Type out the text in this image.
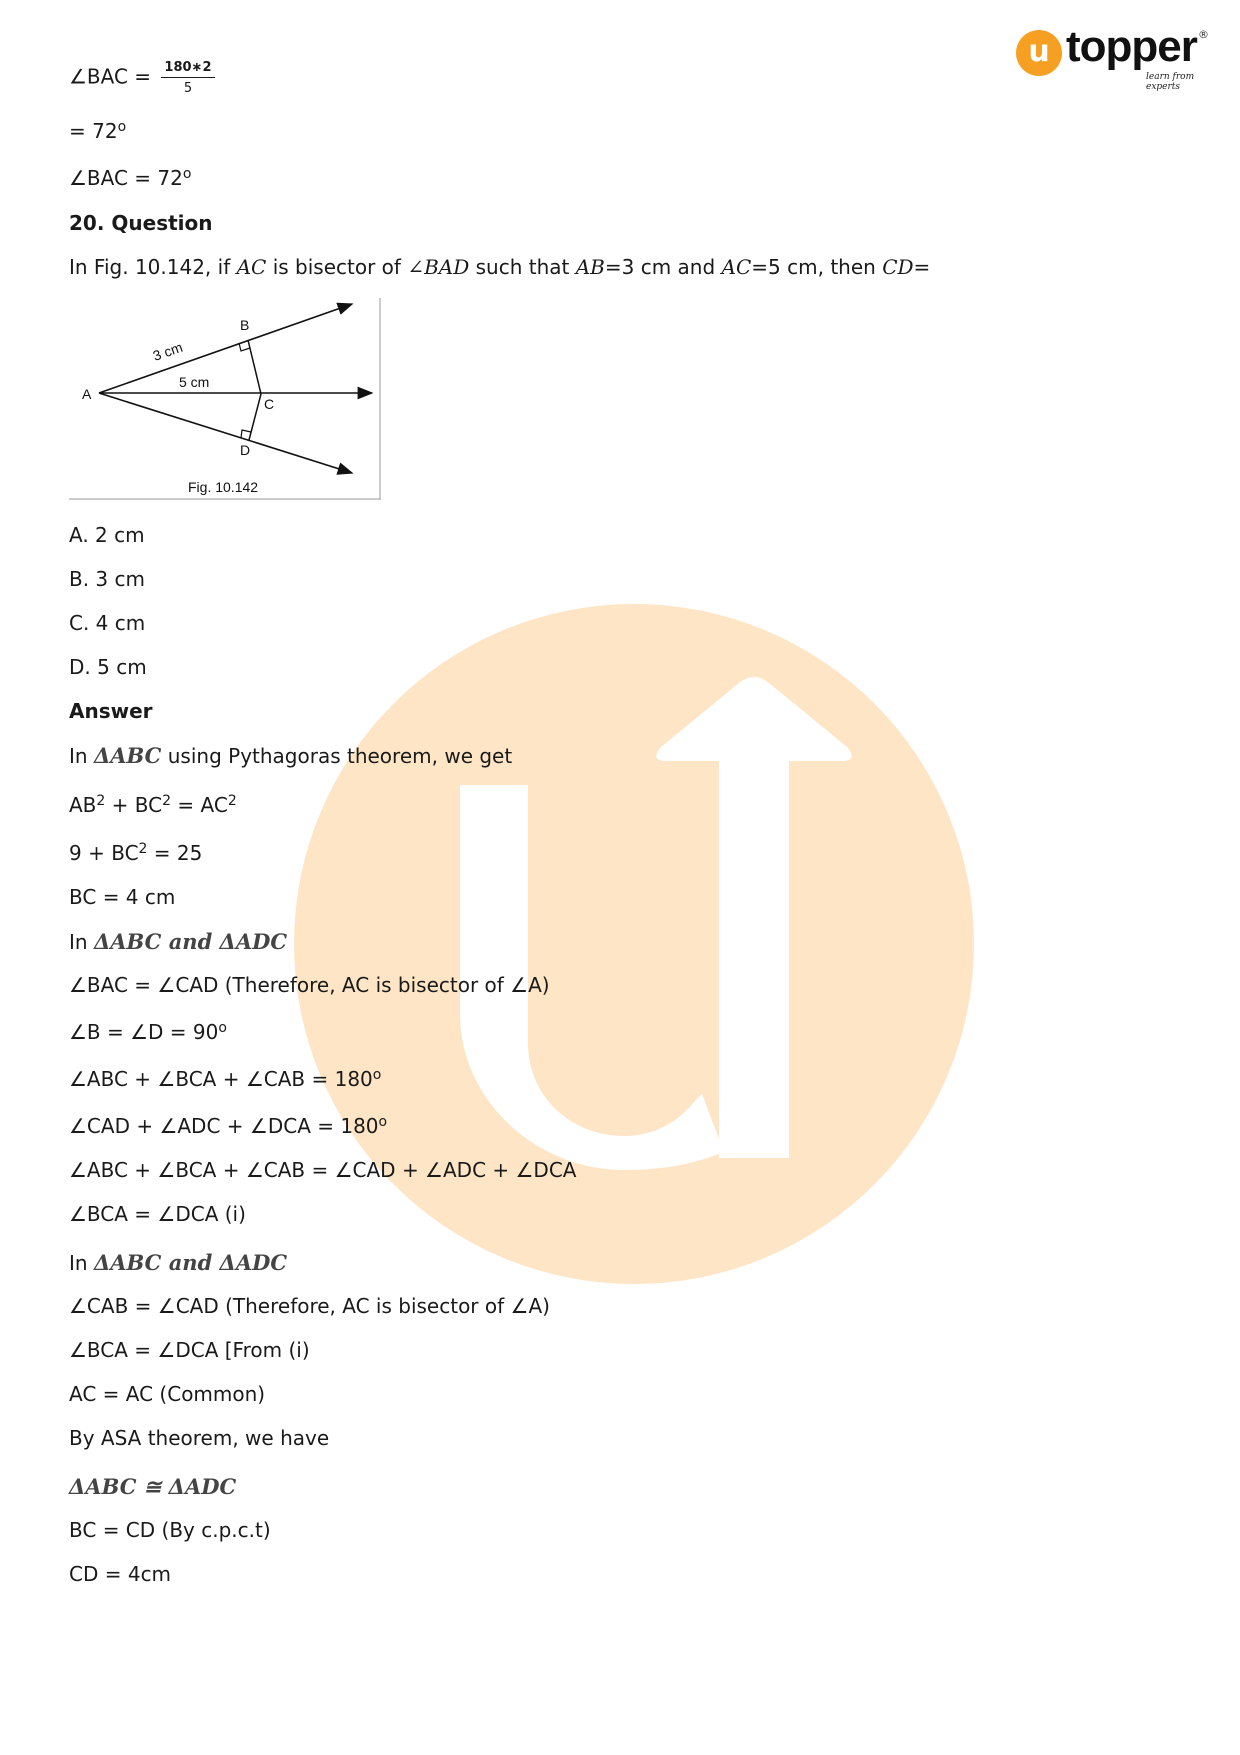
u topper
learn from experts
®
∠BAC = $\frac{180∗2}{5}$
= $72^o$
∠BAC = $72^o$
20. Question
In Fig. 10.142, if AC is bisector of ∠BAD such that AB=3 cm and AC=5 cm, then CD=
A
B
C
D
3 cm
5 cm
Fig. 10.142
A. 2 cm
B. 3 cm
C. 4 cm
D. 5 cm
Answer
In ΔABC using Pythagoras theorem, we get
$AB^2 + BC^2 = AC^2$
$9 + BC^2 = 25$
BC = 4 cm
In ΔABC and ΔADC
∠BAC = ∠CAD (Therefore, AC is bisector of ∠A)
∠B = ∠D = $90^o$
∠ABC + ∠BCA + ∠CAB = $180^o$
∠CAD + ∠ADC + ∠DCA = $180^o$
∠ABC + ∠BCA + ∠CAB = ∠CAD + ∠ADC + ∠DCA
∠BCA = ∠DCA (i)
In ΔABC and ΔADC
∠CAB = ∠CAD (Therefore, AC is bisector of ∠A)
∠BCA = ∠DCA [From (i)
AC = AC (Common)
By ASA theorem, we have
ΔABC ≅ ΔADC
BC = CD (By c.p.c.t)
CD = 4cm
